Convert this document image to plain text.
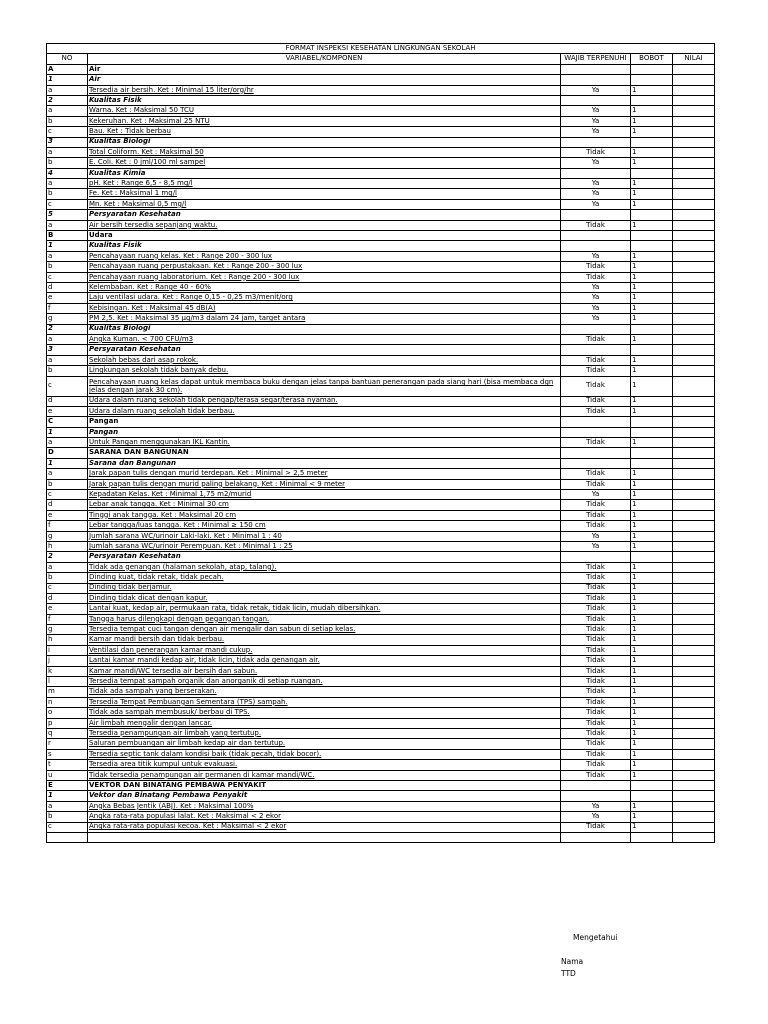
FORMAT INSPEKSI KESEHATAN LINGKUNGAN SEKOLAH				
NO	VARIABEL/KOMPONEN	WAJIB TERPENUHI	BOBOT	NILAI
A	Air			
1	Air			
a	Tersedia air bersih. Ket : Minimal 15 liter/org/hr	Ya	1	
2	Kualitas Fisik			
a	Warna. Ket : Maksimal 50 TCU	Ya	1	
b	Kekeruhan. Ket : Maksimal 25 NTU	Ya	1	
c	Bau. Ket : Tidak berbau	Ya	1	
3	Kualitas Biologi			
a	Total Coliform. Ket : Maksimal 50	Tidak	1	
b	E. Coli. Ket : 0 jml/100 ml sampel	Ya	1	
4	Kualitas Kimia			
a	pH. Ket : Range 6,5 - 8,5 mg/l	Ya	1	
b	Fe. Ket : Maksimal 1 mg/l	Ya	1	
c	Mn. Ket : Maksimal 0,5 mg/l	Ya	1	
5	Persyaratan Kesehatan			
a	Air bersih tersedia sepanjang waktu.	Tidak	1	
B	Udara			
1	Kualitas Fisik			
a	Pencahayaan ruang kelas. Ket : Range 200 - 300 lux	Ya	1	
b	Pencahayaan ruang perpustakaan. Ket : Range 200 - 300 lux	Tidak	1	
c	Pencahayaan ruang laboratorium. Ket : Range 200 - 300 lux	Tidak	1	
d	Kelembaban. Ket : Range 40 - 60%	Ya	1	
e	Laju ventilasi udara. Ket : Range 0,15 - 0,25 m3/menit/org	Ya	1	
f	Kebisingan. Ket : Maksimal 45 dB(A)	Ya	1	
g	PM 2,5. Ket : Maksimal 35 µg/m3 dalam 24 jam, target antara	Ya	1	
2	Kualitas Biologi			
a	Angka Kuman. < 700 CFU/m3	Tidak	1	
3	Persyaratan Kesehatan			
a	Sekolah bebas dari asap rokok.	Tidak	1	
b	Lingkungan sekolah tidak banyak debu.	Tidak	1	
c	Pencahayaan ruang kelas dapat untuk membaca buku dengan jelas tanpa bantuan penerangan pada siang hari (bisa membaca dgn jelas dengan jarak 30 cm).	Tidak	1	
d	Udara dalam ruang sekolah tidak pengap/terasa segar/terasa nyaman.	Tidak	1	
e	Udara dalam ruang sekolah tidak berbau.	Tidak	1	
C	Pangan			
1	Pangan			
a	Untuk Pangan menggunakan IKL Kantin.	Tidak	1	
D	SARANA DAN BANGUNAN			
1	Sarana dan Bangunan			
a	Jarak papan tulis dengan murid terdepan. Ket : Minimal > 2,5 meter	Tidak	1	
b	Jarak papan tulis dengan murid paling belakang. Ket : Minimal < 9 meter	Tidak	1	
c	Kepadatan Kelas. Ket : Minimal 1,75 m2/murid	Ya	1	
d	Lebar anak tangga. Ket : Minimal 30 cm	Tidak	1	
e	Tinggi anak tangga. Ket : Maksimal 20 cm	Tidak	1	
f	Lebar tangga/luas tangga. Ket : Minimal ≥ 150 cm	Tidak	1	
g	Jumlah sarana WC/urinoir Laki-laki. Ket : Minimal 1 : 40	Ya	1	
h	Jumlah sarana WC/urinoir Perempuan. Ket : Minimal 1 : 25	Ya	1	
2	Persyaratan Kesehatan			
a	Tidak ada genangan (halaman sekolah, atap, talang).	Tidak	1	
b	Dinding kuat, tidak retak, tidak pecah.	Tidak	1	
c	Dinding tidak berjamur.	Tidak	1	
d	Dinding tidak dicat dengan kapur.	Tidak	1	
e	Lantai kuat, kedap air, permukaan rata, tidak retak, tidak licin, mudah dibersihkan.	Tidak	1	
f	Tangga harus dilengkapi dengan pegangan tangan.	Tidak	1	
g	Tersedia tempat cuci tangan dengan air mengalir dan sabun di setiap kelas.	Tidak	1	
h	Kamar mandi bersih dan tidak berbau.	Tidak	1	
i	Ventilasi dan penerangan kamar mandi cukup.	Tidak	1	
j	Lantai kamar mandi kedap air, tidak licin, tidak ada genangan air.	Tidak	1	
k	Kamar mandi/WC tersedia air bersih dan sabun.	Tidak	1	
l	Tersedia tempat sampah organik dan anorganik di setiap ruangan.	Tidak	1	
m	Tidak ada sampah yang berserakan.	Tidak	1	
n	Tersedia Tempat Pembuangan Sementara (TPS) sampah.	Tidak	1	
o	Tidak ada sampah membusuk/ berbau di TPS.	Tidak	1	
p	Air limbah mengalir dengan lancar.	Tidak	1	
q	Tersedia penampungan air limbah yang tertutup.	Tidak	1	
r	Saluran pembuangan air limbah kedap air dan tertutup.	Tidak	1	
s	Tersedia septic tank dalam kondisi baik (tidak pecah, tidak bocor).	Tidak	1	
t	Tersedia area titik kumpul untuk evakuasi.	Tidak	1	
u	Tidak tersedia penampungan air permanen di kamar mandi/WC.	Tidak	1	
E	VEKTOR DAN BINATANG PEMBAWA PENYAKIT			
1	Vektor dan Binatang Pembawa Penyakit			
a	Angka Bebas Jentik (ABJ). Ket : Maksimal 100%	Ya	1	
b	Angka rata-rata populasi lalat. Ket : Maksimal < 2 ekor	Ya	1	
c	Angka rata-rata populasi kecoa. Ket : Maksimal < 2 ekor	Tidak	1	

Mengetahui
Nama
TTD
